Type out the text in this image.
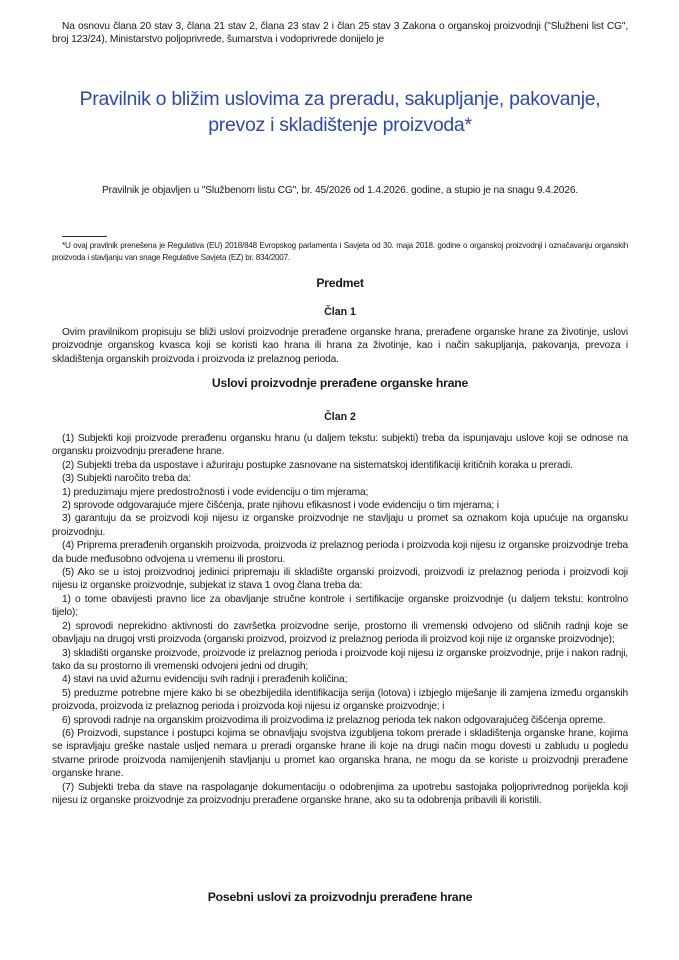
Na osnovu člana 20 stav 3, člana 21 stav 2, člana 23 stav 2 i član 25 stav 3 Zakona o organskoj proizvodnji ("Službeni list CG", broj 123/24), Ministarstvo poljoprivrede, šumarstva i vodoprivrede donijelo je
Pravilnik o bližim uslovima za preradu, sakupljanje, pakovanje,
prevoz i skladištenje proizvoda*
Pravilnik je objavljen u "Službenom listu CG", br. 45/2026 od 1.4.2026. godine, a stupio je na snagu 9.4.2026.
*U ovaj pravilnik prenešena je Regulativa (EU) 2018/848 Evropskog parlamenta i Savjeta od 30. maja 2018. godine o organskoj proizvodnji i označavanju organskih proizvoda i stavljanju van snage Regulative Savjeta (EZ) br. 834/2007.
Predmet
Član 1
Ovim pravilnikom propisuju se bliži uslovi proizvodnje prerađene organske hrana, prerađene organske hrane za životinje, uslovi proizvodnje organskog kvasca koji se koristi kao hrana ili hrana za životinje, kao i način sakupljanja, pakovanja, prevoza i skladištenja organskih proizvoda i proizvoda iz prelaznog perioda.
Uslovi proizvodnje prerađene organske hrane
Član 2

(1) Subjekti koji proizvode prerađenu organsku hranu (u daljem tekstu: subjekti) treba da ispunjavaju uslove koji se odnose na organsku proizvodnju prerađene hrane.

(2) Subjekti treba da uspostave i ažuriraju postupke zasnovane na sistematskoj identifikaciji kritičnih koraka u preradi.

(3) Subjekti naročito treba da:

1) preduzimaju mjere predostrožnosti i vode evidenciju o tim mjerama;

2) sprovode odgovarajuće mjere čišćenja, prate njihovu efikasnost i vode evidenciju o tim mjerama; i

3) garantuju da se proizvodi koji nijesu iz organske proizvodnje ne stavljaju u promet sa oznakom koja upućuje na organsku proizvodnju.

(4) Priprema prerađenih organskih proizvoda, proizvoda iz prelaznog perioda i proizvoda koji nijesu iz organske proizvodnje treba da bude međusobno odvojena u vremenu ili prostoru.

(5) Ako se u istoj proizvodnoj jedinici pripremaju ili skladište organski proizvodi, proizvodi iz prelaznog perioda i proizvodi koji nijesu iz organske proizvodnje, subjekat iz stava 1 ovog člana treba da:

1) o tome obavijesti pravno lice za obavljanje stručne kontrole i sertifikacije organske proizvodnje (u daljem tekstu: kontrolno tijelo);

2) sprovodi neprekidno aktivnosti do završetka proizvodne serije, prostorno ili vremenski odvojeno od sličnih radnji koje se obavljaju na drugoj vrsti proizvoda (organski proizvod, proizvod iz prelaznog perioda ili proizvod koji nije iz organske proizvodnje);

3) skladišti organske proizvode, proizvode iz prelaznog perioda i proizvode koji nijesu iz organske proizvodnje, prije i nakon radnji, tako da su prostorno ili vremenski odvojeni jedni od drugih;

4) stavi na uvid ažurnu evidenciju svih radnji i prerađenih količina;

5) preduzme potrebne mjere kako bi se obezbijedila identifikacija serija (lotova) i izbjeglo miješanje ili zamjena između organskih proizvoda, proizvoda iz prelaznog perioda i proizvoda koji nijesu iz organske proizvodnje; i

6) sprovodi radnje na organskim proizvodima ili proizvodima iz prelaznog perioda tek nakon odgovarajućeg čišćenja opreme.

(6) Proizvodi, supstance i postupci kojima se obnavljaju svojstva izgubljena tokom prerade i skladištenja organske hrane, kojima se ispravljaju greške nastale usljed nemara u preradi organske hrane ili koje na drugi način mogu dovesti u zabludu u pogledu stvarne prirode proizvoda namijenjenih stavljanju u promet kao organska hrana, ne mogu da se koriste u proizvodnji prerađene organske hrane.

(7) Subjekti treba da stave na raspolaganje dokumentaciju o odobrenjima za upotrebu sastojaka poljoprivrednog porijekla koji nijesu iz organske proizvodnje za proizvodnju prerađene organske hrane, ako su ta odobrenja pribavili ili koristili.

Posebni uslovi za proizvodnju prerađene hrane
